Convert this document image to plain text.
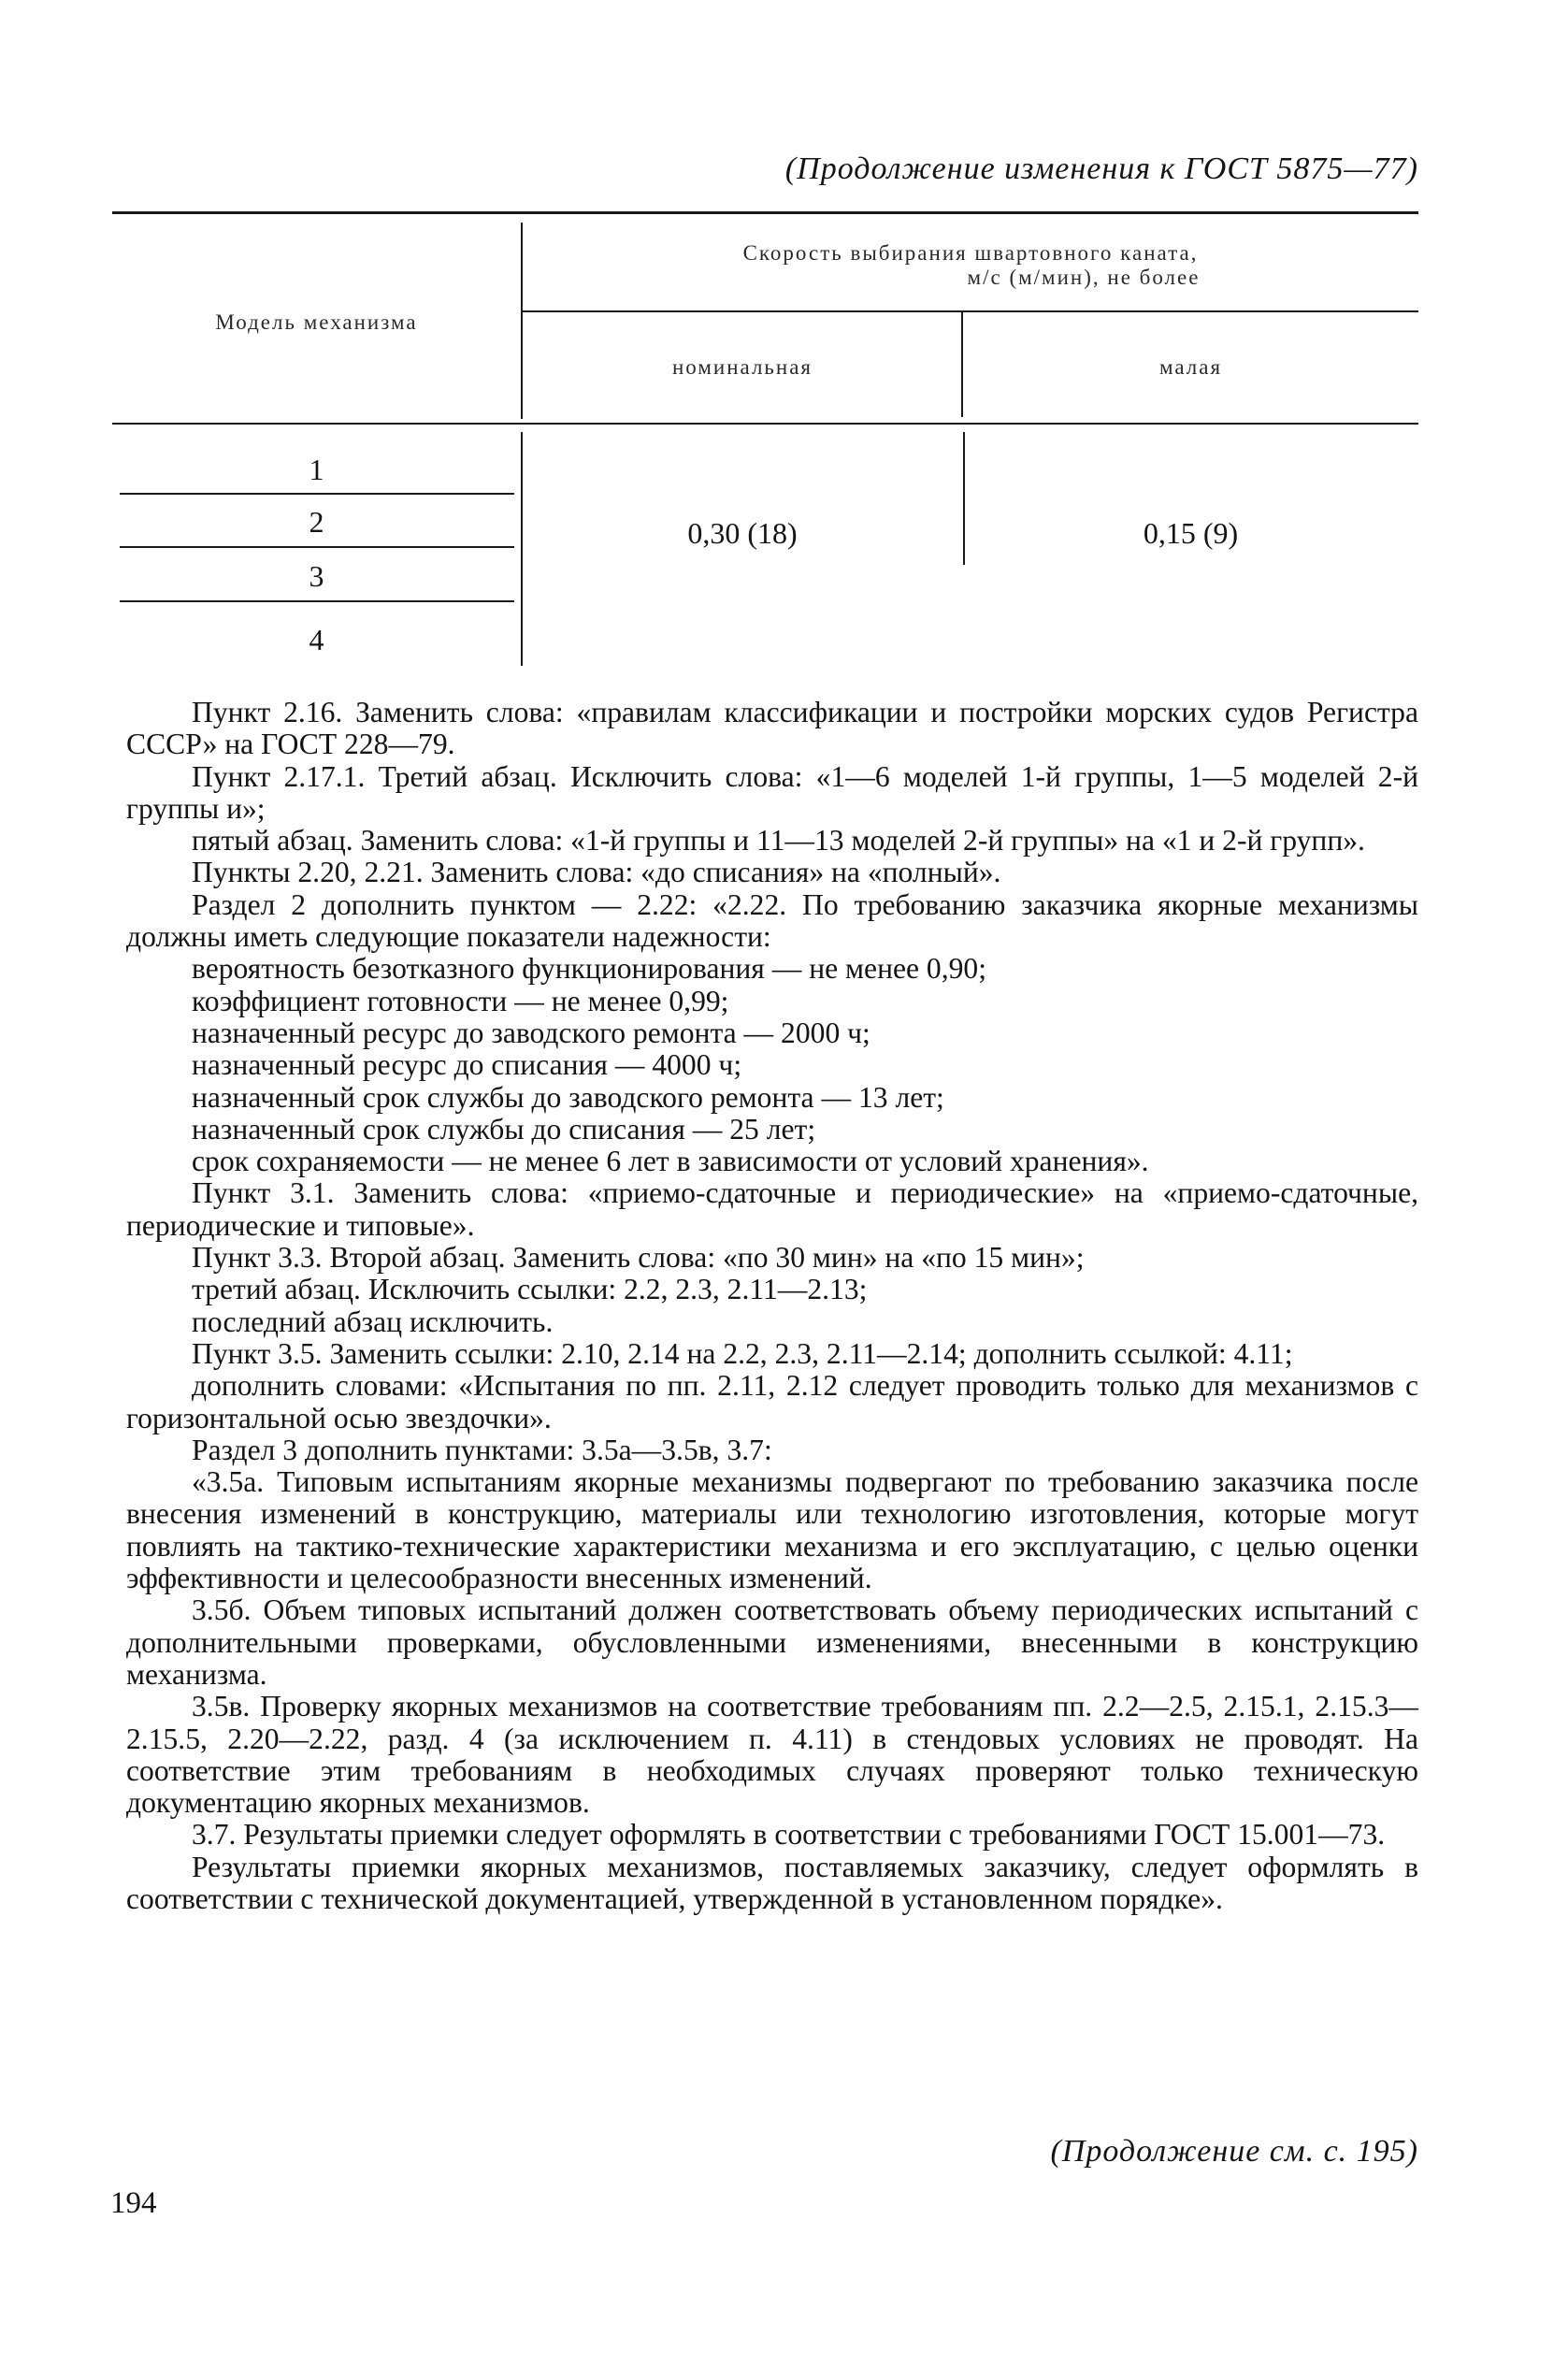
(Продолжение изменения к ГОСТ 5875—77)
Модель механизма
Скорость выбирания швартовного каната,
м/с (м/мин), не более
номинальная	малая
1
2
3
4
0,30 (18)	0,15 (9)

Пункт 2.16. Заменить слова: «правилам классификации и постройки морских судов Регистра СССР» на ГОСТ 228—79.

Пункт 2.17.1. Третий абзац. Исключить слова: «1—6 моделей 1-й группы, 1—5 моделей 2-й группы и»;

пятый абзац. Заменить слова: «1-й группы и 11—13 моделей 2-й группы» на «1 и 2-й групп».

Пункты 2.20, 2.21. Заменить слова: «до списания» на «полный».

Раздел 2 дополнить пунктом — 2.22: «2.22. По требованию заказчика якорные механизмы должны иметь следующие показатели надежности:

вероятность безотказного функционирования — не менее 0,90;

коэффициент готовности — не менее 0,99;

назначенный ресурс до заводского ремонта — 2000 ч;

назначенный ресурс до списания — 4000 ч;

назначенный срок службы до заводского ремонта — 13 лет;

назначенный срок службы до списания — 25 лет;

срок сохраняемости — не менее 6 лет в зависимости от условий хранения».

Пункт 3.1. Заменить слова: «приемо-сдаточные и периодические» на «приемо-сдаточные, периодические и типовые».

Пункт 3.3. Второй абзац. Заменить слова: «по 30 мин» на «по 15 мин»;

третий абзац. Исключить ссылки: 2.2, 2.3, 2.11—2.13;

последний абзац исключить.

Пункт 3.5. Заменить ссылки: 2.10, 2.14 на 2.2, 2.3, 2.11—2.14; дополнить ссылкой: 4.11;

дополнить словами: «Испытания по пп. 2.11, 2.12 следует проводить только для механизмов с горизонтальной осью звездочки».

Раздел 3 дополнить пунктами: 3.5а—3.5в, 3.7:

«3.5а. Типовым испытаниям якорные механизмы подвергают по требованию заказчика после внесения изменений в конструкцию, материалы или технологию изготовления, которые могут повлиять на тактико-технические характеристики механизма и его эксплуатацию, с целью оценки эффективности и целесообразности внесенных изменений.

3.5б. Объем типовых испытаний должен соответствовать объему периодических испытаний с дополнительными проверками, обусловленными изменениями, внесенными в конструкцию механизма.

3.5в. Проверку якорных механизмов на соответствие требованиям пп. 2.2—2.5, 2.15.1, 2.15.3—2.15.5, 2.20—2.22, разд. 4 (за исключением п. 4.11) в стендовых условиях не проводят. На соответствие этим требованиям в необходимых случаях проверяют только техническую документацию якорных механизмов.

3.7. Результаты приемки следует оформлять в соответствии с требованиями ГОСТ 15.001—73.

Результаты приемки якорных механизмов, поставляемых заказчику, следует оформлять в соответствии с технической документацией, утвержденной в установленном порядке».

(Продолжение см. с. 195)
194
